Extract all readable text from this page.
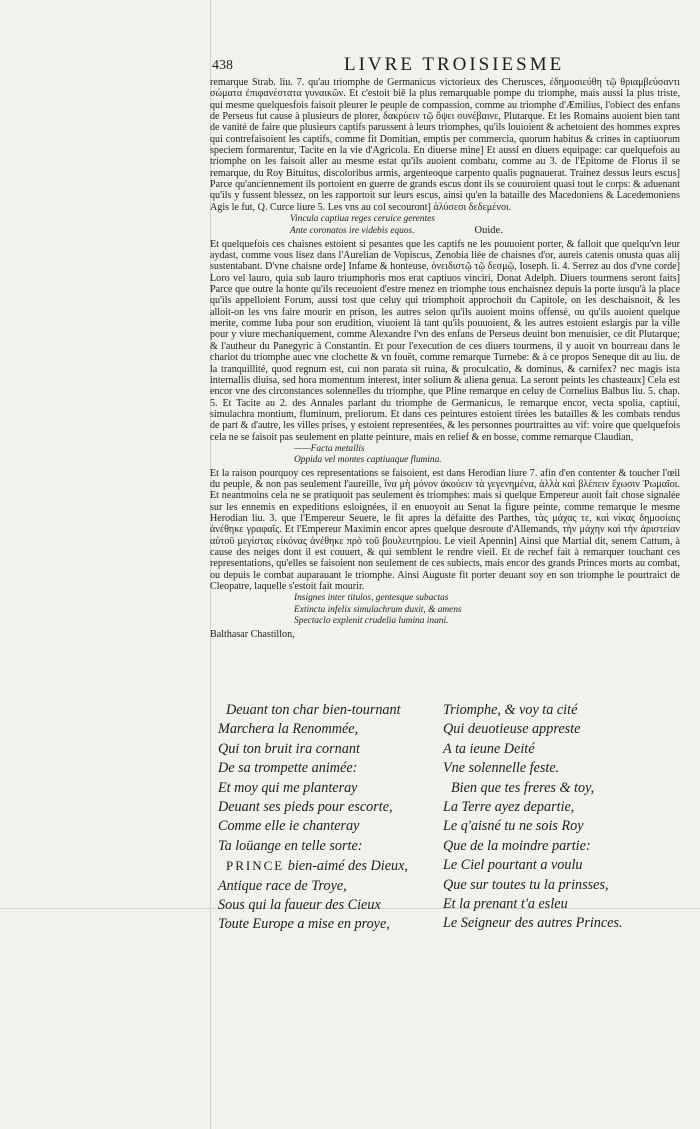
438	LIVRE TROISIESME

remarque Strab. liu. 7. qu'au triomphe de Germanicus victorieux des Cherusces, ἐδημοσιεύθη τῷ θριαμβεύσαντι σώματα ἐπιφανέστατα γυναικῶν. Et c'estoit biē la plus remarquable pompe du triomphe, mais aussi la plus triste, qui mesme quelquesfois faisoit pleurer le peuple de compassion, comme au triomphe d'Æmilius, l'obiect des enfans de Perseus fut cause à plusieurs de plorer, δακρύειν τῷ ὄψει συνέβαινε, Plutarque. Et les Romains auoient bien tant de vanité de faire que plusieurs captifs parussent à leurs triomphes, qu'ils louioient & achetoient des hommes expres qui contrefaisoient les captifs, comme fit Domitian, emptis per commercia, quorum habitus & crines in captiuorum speciem formarentur, Tacite en la vie d'Agricola. En diuerse mine] Et aussi en diuers equipage: car quelquefois au triomphe on les faisoit aller au mesme estat qu'ils auoient combatu, comme au 3. de l'Epitome de Florus il se remarque, du Roy Bituitus, discoloribus armis, argenteoque carpento qualis pugnauerat. Trainez dessus leurs escus] Parce qu'anciennement ils portoient en guerre de grands escus dont ils se couuroient quasi tout le corps: & aduenant qu'ils y fussent blessez, on les rapportoit sur leurs escus, ainsi qu'en la bataille des Macedoniens & Lacedemoniens Agis le fut, Q. Curce liure 5. Les vns au col secouront] ἁλύσεσι δεδεμένοι.

Vincula captiua reges ceruice gerentes
Ante coronatos ire videbis equos.	Ouide.

Et quelquefois ces chaisnes estoient si pesantes que les captifs ne les pouuoient porter, & falloit que quelqu'vn leur aydast, comme vous lisez dans l'Aurelian de Vopiscus, Zenobia liée de chaisnes d'or, aureis catenis onusta quas alij sustentabant. D'vne chaisne orde] Infame & honteuse, ὀνειδιστῷ τῷ δεσμῷ, Ioseph. li. 4. Serrez au dos d'vne corde] Loro vel lauro, quia sub lauro triumphoris mos erat captiuos vinciri, Donat Adelph. Diuers tourmens seront faits] Parce que outre la honte qu'ils receuoient d'estre menez en triomphe tous enchaisnez depuis la porte iusqu'à la place qu'ils appelloient Forum, aussi tost que celuy qui triomphoit approchoit du Capitole, on les deschaisnoit, & les alloit-on les vns faire mourir en prison, les autres selon qu'ils auoient moins offensé, ou qu'ils auoient quelque merite, comme Iuba pour son erudition, viuoient là tant qu'ils pouuoient, & les autres estoient eslargis par la ville pour y viure mechaniquement, comme Alexandre l'vn des enfans de Perseus deuint bon menuisier, ce dit Plutarque; & l'autheur du Panegyric à Constantin. Et pour l'execution de ces diuers tourmens, il y auoit vn bourreau dans le chariot du triomphe auec vne clochette & vn fouët, comme remarque Turnebe: & à ce propos Seneque dit au liu. de la tranquillité, quod regnum est, cui non parata sit ruina, & proculcatio, & dominus, & carnifex? nec magis ista internallis diuisa, sed hora momentum interest, inter solium & aliena genua. La seront peints les chasteaux] Cela est encor vne des circonstances solennelles du triomphe, que Pline remarque en celuy de Cornelius Balbus liu. 5. chap. 5. Et Tacite au 2. des Annales parlant du triomphe de Germanicus, le remarque encor, vecta spolia, captiui, simulachra montium, fluminum, preliorum. Et dans ces peintures estoient tirées les batailles & les combats rendus de part & d'autre, les villes prises, y estoient representées, & les personnes pourtraittes au vif: voire que quelquefois cela ne se faisoit pas seulement en platte peinture, mais en relief & en bosse, comme remarque Claudian,

——Facta metallis
Oppida vel montes captiuaque flumina.

Et la raison pourquoy ces representations se faisoient, est dans Herodian liure 7. afin d'en contenter & toucher l'œil du peuple, & non pas seulement l'aureille, ἵνα μὴ μόνον ἀκούειν τὰ γεγενημένα, ἀλλὰ καὶ βλέπειν ἔχωσιν Ῥωμαῖοι. Et neantmoins cela ne se pratiquoit pas seulement ès triomphes: mais si quelque Empereur auoit fait chose signalée sur les ennemis en expeditions esloignées, il en enuoyoit au Senat la figure peinte, comme remarque le mesme Herodian liu. 3. que l'Empereur Seuere, le fit apres la défaitte des Parthes, τὰς μάχας τε, καὶ νίκας δημοσίαις ἀνέθηκε γραφαῖς. Et l'Empereur Maximin encor apres quelque desroute d'Allemands, τὴν μάχην καὶ τὴν ἀριστείαν αὐτοῦ μεγίστας εἰκόνας ἀνέθηκε πρὸ τοῦ βουλευτηρίου. Le vieil Apennin] Ainsi que Martial dit, senem Cattum, à cause des neiges dont il est couuert, & qui semblent le rendre vieil. Et de rechef fait à remarquer touchant ces representations, qu'elles se faisoient non seulement de ces subiects, mais encor des grands Princes morts au combat, ou depuis le combat auparauant le triomphe. Ainsi Auguste fit porter deuant soy en son triomphe le pourtraict de Cleopatre, laquelle s'estoit fait mourir.

Insignes inter titulos, gentesque subactas
Extincta infelix simulachrum duxit, & amens
Spectaclo explenit crudelia lumina inani.
Balthasar Chastillon,
Deuant ton char bien-tournant
Marchera la Renommée,
Qui ton bruit ira cornant
De sa trompette animée:
Et moy qui me planteray
Deuant ses pieds pour escorte,
Comme elle ie chanteray
Ta loüange en telle sorte:
PRINCE bien-aimé des Dieux,
Antique race de Troye,
Sous qui la faueur des Cieux
Toute Europe a mise en proye,
Triomphe, & voy ta cité
Qui deuotieuse appreste
A ta ieune Deité
Vne solennelle feste.
Bien que tes freres & toy,
La Terre ayez departie,
Le q'aisné tu ne sois Roy
Que de la moindre partie:
Le Ciel pourtant a voulu
Que sur toutes tu la prinsses,
Et la prenant t'a esleu
Le Seigneur des autres Princes.
